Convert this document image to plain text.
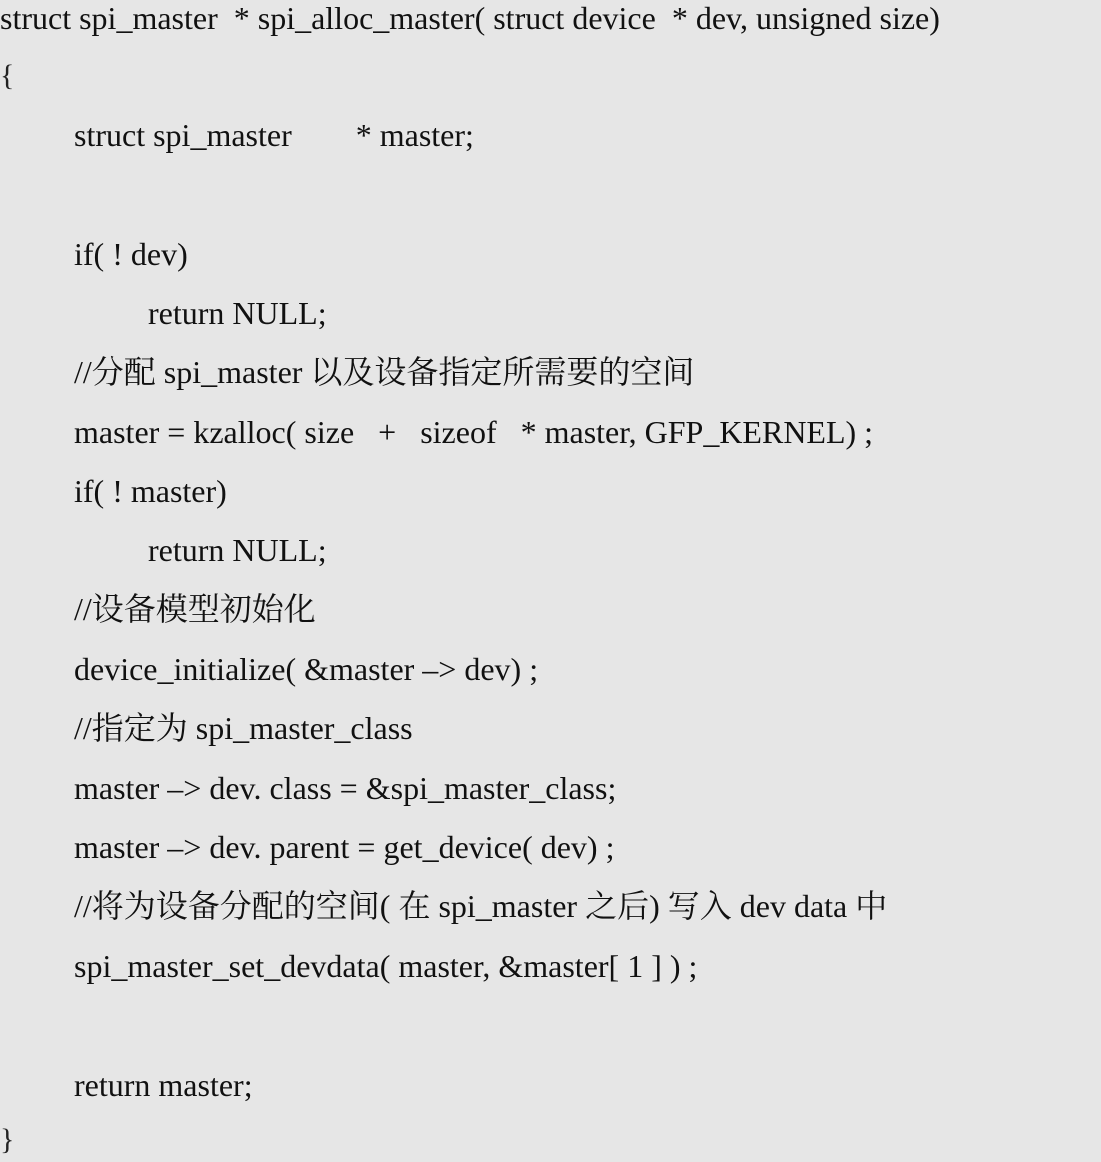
struct spi_master  * spi_alloc_master( struct device  * dev, unsigned size)
{
struct spi_master        * master;
if( ! dev)
return NULL;
//分配 spi_master 以及设备指定所需要的空间
master = kzalloc( size   +   sizeof   * master, GFP_KERNEL) ;
if( ! master)
return NULL;
//设备模型初始化
device_initialize( &master –> dev) ;
//指定为 spi_master_class
master –> dev. class = &spi_master_class;
master –> dev. parent = get_device( dev) ;
//将为设备分配的空间( 在 spi_master 之后) 写入 dev data 中
spi_master_set_devdata( master, &master[ 1 ] ) ;
return master;
}
